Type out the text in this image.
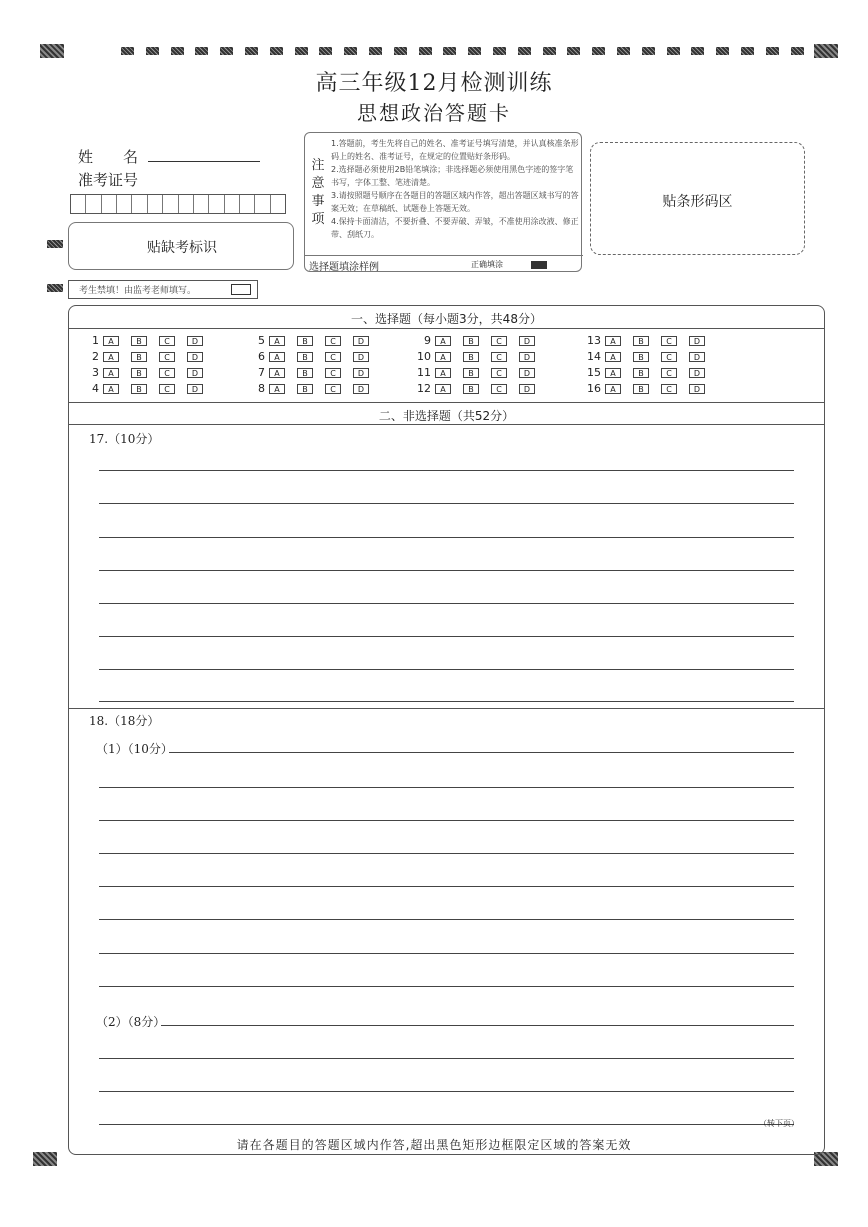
高三年级12月检测训练
思想政治答题卡
姓　　名
准考证号
贴缺考标识
考生禁填！由监考老师填写。
注
意
事
项
1.答题前，考生先将自己的姓名、准考证号填写清楚，并认真核准条形码上的姓名、准考证号，在规定的位置贴好条形码。
2.选择题必须使用2B铅笔填涂；非选择题必须使用黑色字迹的签字笔书写，字体工整、笔迹清楚。
3.请按照题号顺序在各题目的答题区域内作答，超出答题区域书写的答案无效；在草稿纸、试题卷上答题无效。
4.保持卡面清洁，不要折叠、不要弄破、弄皱，不准使用涂改液、修正带、刮纸刀。
选择题填涂样例	正确填涂
贴条形码区
一、选择题（每小题3分，共48分）
1	A	B	C	D
2	A	B	C	D
3	A	B	C	D
4	A	B	C	D
5	A	B	C	D
6	A	B	C	D
7	A	B	C	D
8	A	B	C	D
9	A	B	C	D
10	A	B	C	D
11	A	B	C	D
12	A	B	C	D
13	A	B	C	D
14	A	B	C	D
15	A	B	C	D
16	A	B	C	D
二、非选择题（共52分）
17.（10分）
18.（18分）
（1）（10分）
（2）（8分）
（转下页）
请在各题目的答题区域内作答,超出黑色矩形边框限定区域的答案无效
